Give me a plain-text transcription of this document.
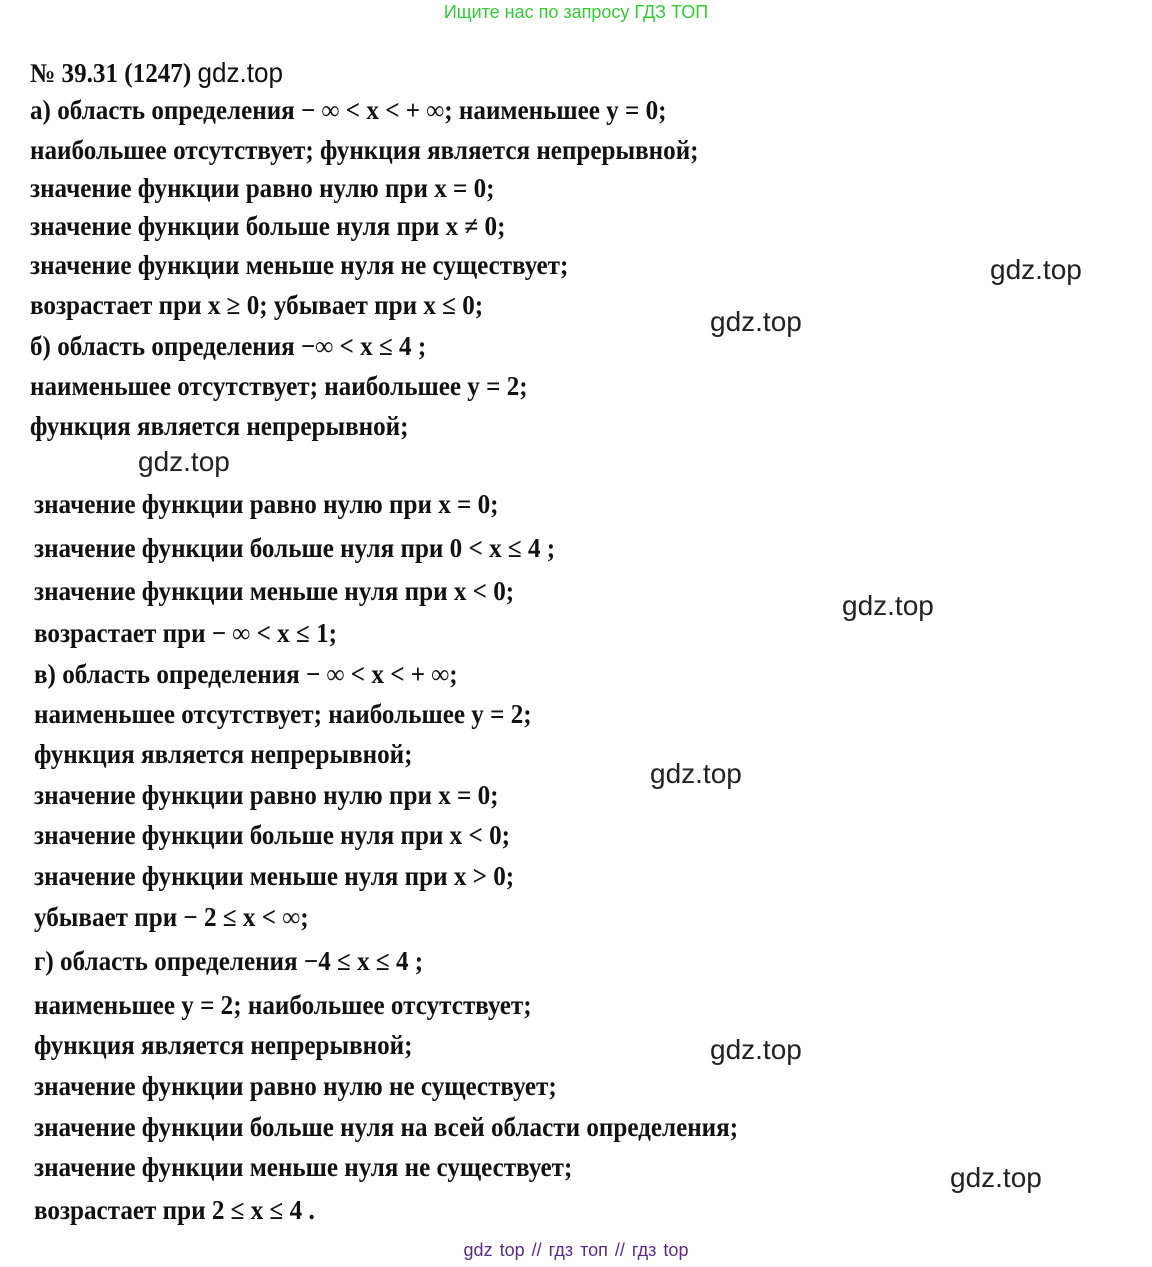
Ищите нас по запросу ГДЗ ТОП
№ 39.31 (1247) gdz.top
а) область определения − ∞ < x < + ∞; наименьшее y = 0;
наибольшее отсутствует; функция является непрерывной;
значение функции равно нулю при x = 0;
значение функции больше нуля при x ≠ 0;
значение функции меньше нуля не существует;
возрастает при x ≥ 0; убывает при x ≤ 0;
б) область определения −∞ < x ≤ 4 ;
наименьшее отсутствует; наибольшее y = 2;
функция является непрерывной;
значение функции равно нулю при x = 0;
значение функции больше нуля при 0 < x ≤ 4 ;
значение функции меньше нуля при x < 0;
возрастает при − ∞ < x ≤ 1;
в) область определения − ∞ < x < + ∞;
наименьшее отсутствует; наибольшее y = 2;
функция является непрерывной;
значение функции равно нулю при x = 0;
значение функции больше нуля при x < 0;
значение функции меньше нуля при x > 0;
убывает при − 2 ≤ x < ∞;
г) область определения −4 ≤ x ≤ 4 ;
наименьшее y = 2; наибольшее отсутствует;
функция является непрерывной;
значение функции равно нулю не существует;
значение функции больше нуля на всей области определения;
значение функции меньше нуля не существует;
возрастает при 2 ≤ x ≤ 4 .
gdz.top
gdz.top
gdz.top
gdz.top
gdz.top
gdz.top
gdz.top
gdz top // гдз топ // гдз top
